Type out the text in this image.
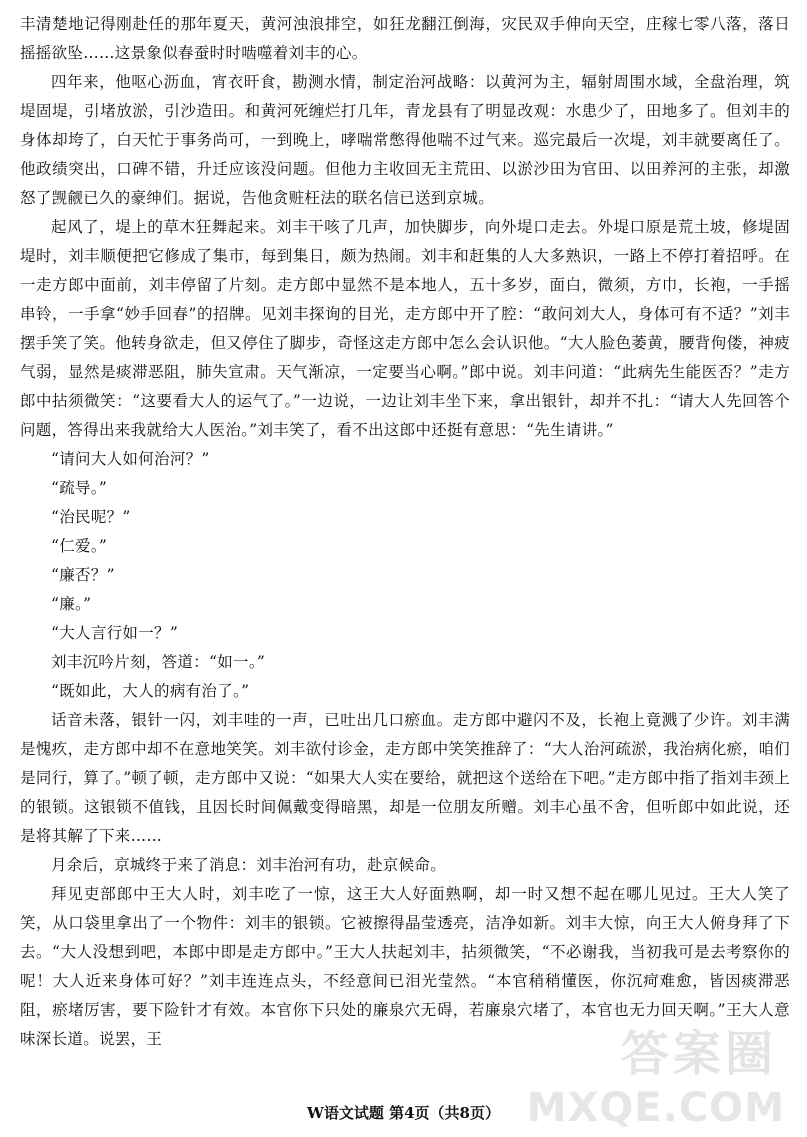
丰清楚地记得刚赴任的那年夏天，黄河浊浪排空，如狂龙翻江倒海，灾民双手伸向天空，庄稼七零八落，落日摇摇欲坠……这景象似春蚕时时啮噬着刘丰的心。

四年来，他呕心沥血，宵衣旰食，勘测水情，制定治河战略：以黄河为主，辐射周围水域，全盘治理，筑堤固堤，引堵放淤，引沙造田。和黄河死缠烂打几年，青龙县有了明显改观：水患少了，田地多了。但刘丰的身体却垮了，白天忙于事务尚可，一到晚上，哮喘常憋得他喘不过气来。巡完最后一次堤，刘丰就要离任了。他政绩突出，口碑不错，升迁应该没问题。但他力主收回无主荒田、以淤沙田为官田、以田养河的主张，却激怒了觊觎已久的豪绅们。据说，告他贪赃枉法的联名信已送到京城。

起风了，堤上的草木狂舞起来。刘丰干咳了几声，加快脚步，向外堤口走去。外堤口原是荒土坡，修堤固堤时，刘丰顺便把它修成了集市，每到集日，颇为热闹。刘丰和赶集的人大多熟识，一路上不停打着招呼。在一走方郎中面前，刘丰停留了片刻。走方郎中显然不是本地人，五十多岁，面白，微须，方巾，长袍，一手摇串铃，一手拿“妙手回春”的招牌。见刘丰探询的目光，走方郎中开了腔：“敢问刘大人，身体可有不适？”刘丰摆手笑了笑。他转身欲走，但又停住了脚步，奇怪这走方郎中怎么会认识他。“大人脸色萎黄，腰背佝偻，神疲气弱，显然是痰滞恶阻，肺失宣肃。天气渐凉，一定要当心啊。”郎中说。刘丰问道：“此病先生能医否？”走方郎中拈须微笑：“这要看大人的运气了。”一边说，一边让刘丰坐下来，拿出银针，却并不扎：“请大人先回答个问题，答得出来我就给大人医治。”刘丰笑了，看不出这郎中还挺有意思：“先生请讲。”

“请问大人如何治河？”

“疏导。”

“治民呢？”

“仁爱。”

“廉否？”

“廉。”

“大人言行如一？”

刘丰沉吟片刻，答道：“如一。”

“既如此，大人的病有治了。”

话音未落，银针一闪，刘丰哇的一声，已吐出几口瘀血。走方郎中避闪不及，长袍上竟溅了少许。刘丰满是愧疚，走方郎中却不在意地笑笑。刘丰欲付诊金，走方郎中笑笑推辞了：“大人治河疏淤，我治病化瘀，咱们是同行，算了。”顿了顿，走方郎中又说：“如果大人实在要给，就把这个送给在下吧。”走方郎中指了指刘丰颈上的银锁。这银锁不值钱，且因长时间佩戴变得暗黑，却是一位朋友所赠。刘丰心虽不舍，但听郎中如此说，还是将其解了下来……

月余后，京城终于来了消息：刘丰治河有功，赴京候命。

拜见吏部郎中王大人时，刘丰吃了一惊，这王大人好面熟啊，却一时又想不起在哪儿见过。王大人笑了笑，从口袋里拿出了一个物件：刘丰的银锁。它被擦得晶莹透亮，洁净如新。刘丰大惊，向王大人俯身拜了下去。“大人没想到吧，本郎中即是走方郎中。”王大人扶起刘丰，拈须微笑，“不必谢我，当初我可是去考察你的呢！大人近来身体可好？”刘丰连连点头，不经意间已泪光莹然。“本官稍稍懂医，你沉疴难愈，皆因痰滞恶阻，瘀堵厉害，要下险针才有效。本官你下只处的廉泉穴无碍，若廉泉穴堵了，本官也无力回天啊。”王大人意味深长道。说罢，王

W语文试题 第4页（共8页）
答案圈
MXQE.COM
